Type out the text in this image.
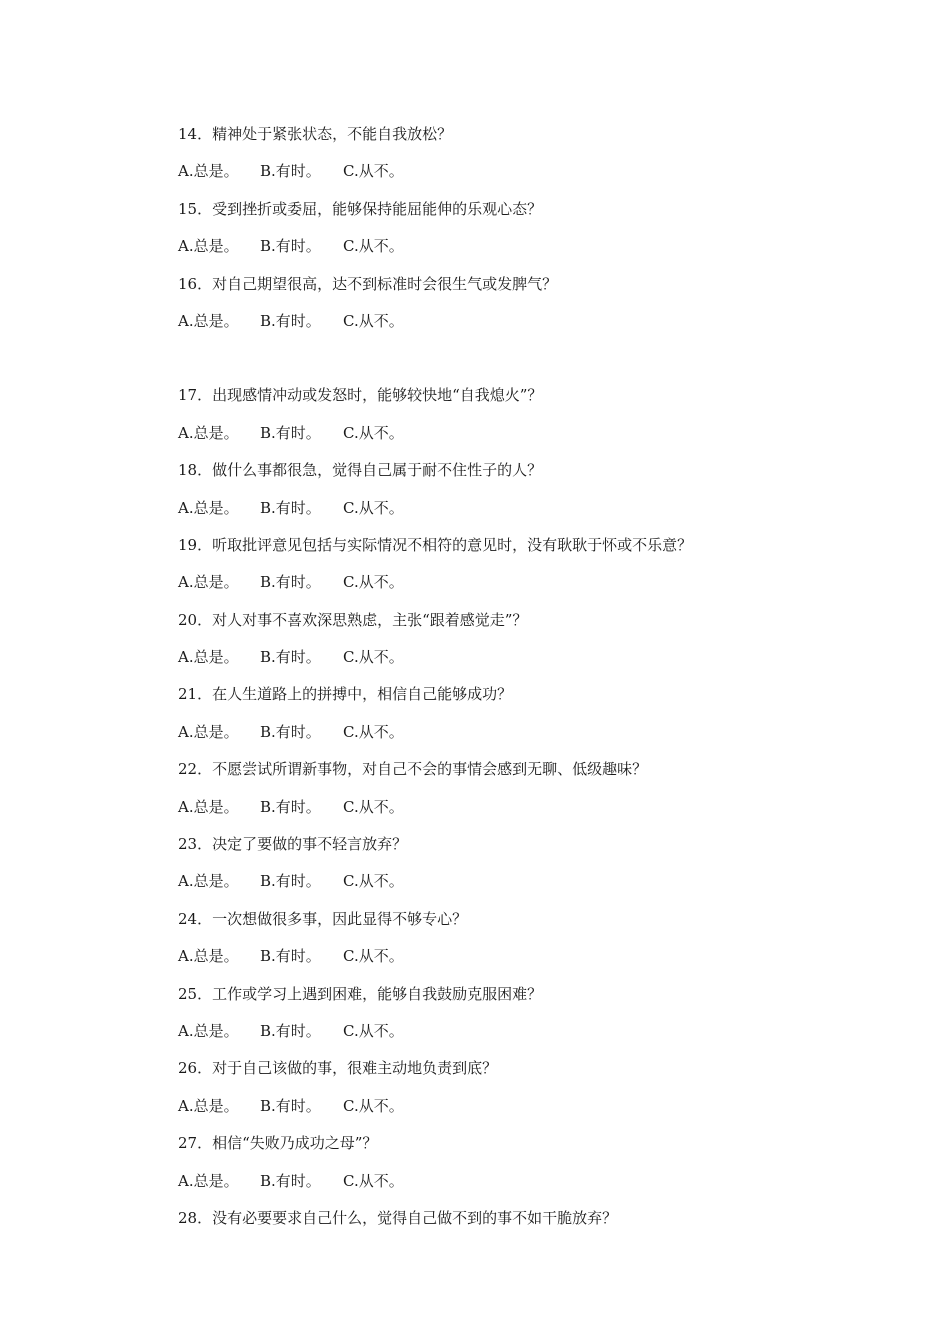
14．精神处于紧张状态，不能自我放松？
A.总是。 B.有时。 C.从不。
15．受到挫折或委屈，能够保持能屈能伸的乐观心态？
A.总是。 B.有时。 C.从不。
16．对自己期望很高，达不到标准时会很生气或发脾气？
A.总是。 B.有时。 C.从不。
17．出现感情冲动或发怒时，能够较快地“自我熄火”？
A.总是。 B.有时。 C.从不。
18．做什么事都很急，觉得自己属于耐不住性子的人？
A.总是。 B.有时。 C.从不。
19．听取批评意见包括与实际情况不相符的意见时，没有耿耿于怀或不乐意？
A.总是。 B.有时。 C.从不。
20．对人对事不喜欢深思熟虑，主张“跟着感觉走”？
A.总是。 B.有时。 C.从不。
21．在人生道路上的拼搏中，相信自己能够成功？
A.总是。 B.有时。 C.从不。
22．不愿尝试所谓新事物，对自己不会的事情会感到无聊、低级趣味？
A.总是。 B.有时。 C.从不。
23．决定了要做的事不轻言放弃？
A.总是。 B.有时。 C.从不。
24．一次想做很多事，因此显得不够专心？
A.总是。 B.有时。 C.从不。
25．工作或学习上遇到困难，能够自我鼓励克服困难？
A.总是。 B.有时。 C.从不。
26．对于自己该做的事，很难主动地负责到底？
A.总是。 B.有时。 C.从不。
27．相信“失败乃成功之母”？
A.总是。 B.有时。 C.从不。
28．没有必要要求自己什么，觉得自己做不到的事不如干脆放弃？
